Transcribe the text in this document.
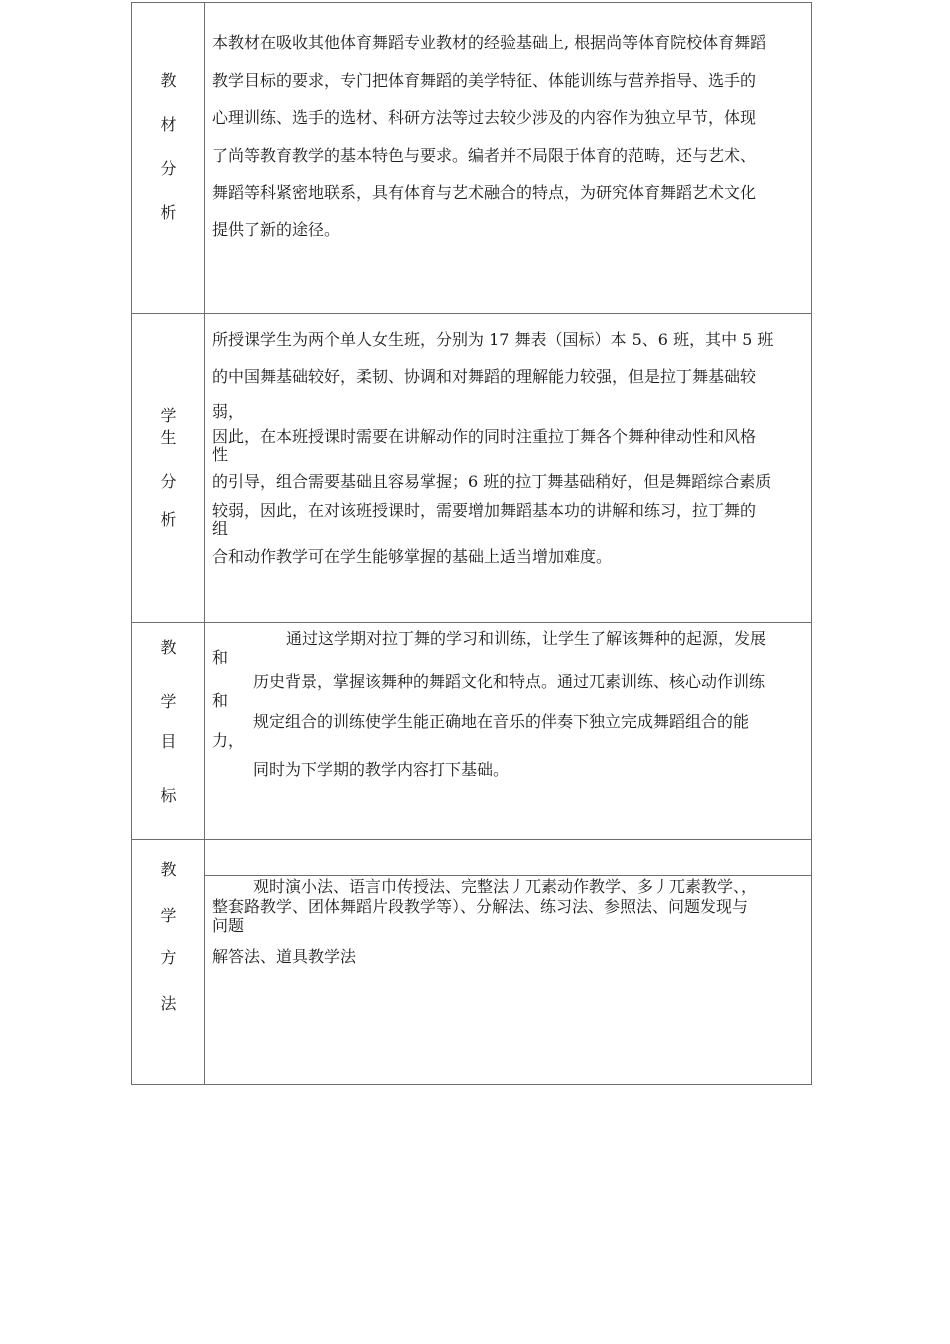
教
材
分
析
本教材在吸收其他体育舞蹈专业教材的经验基础上, 根据尚等体育院校体育舞蹈
教学目标的要求，专门把体育舞蹈的美学特征、体能训练与营养指导、选手的
心理训练、选手的选材、科研方法等过去较少涉及的内容作为独立早节，体现
了尚等教育教学的基本特色与要求。编者并不局限于体育的范畴，还与艺术、
舞蹈等科紧密地联系，具有体育与艺术融合的特点，为研究体育舞蹈艺术文化
提供了新的途径。
学
生
分
析
所授课学生为两个单人女生班，分别为 17 舞表（国标）本 5、6 班，其中 5 班
的中国舞基础较好，柔韧、协调和对舞蹈的理解能力较强，但是拉丁舞基础较
弱，
因此，在本班授课时需要在讲解动作的同时注重拉丁舞各个舞种律动性和风格
性
的引导，组合需要基础且容易掌握；6 班的拉丁舞基础稍好，但是舞蹈综合素质
较弱，因此，在对该班授课时，需要增加舞蹈基本功的讲解和练习，拉丁舞的
组
合和动作教学可在学生能够掌握的基础上适当增加难度。
教
学
目
标
通过这学期对拉丁舞的学习和训练，让学生了解该舞种的起源，发展
和
历史背景，掌握该舞种的舞蹈文化和特点。通过兀素训练、核心动作训练
和
规定组合的训练使学生能正确地在音乐的伴奏下独立完成舞蹈组合的能
力，
同时为下学期的教学内容打下基础。
教
学
方
法
观时演小法、语言巾传授法、完整法丿兀素动作教学、多丿兀素教学、，
整套路教学、团体舞蹈片段教学等）、分解法、练习法、参照法、问题发现与
问题
解答法、道具教学法
